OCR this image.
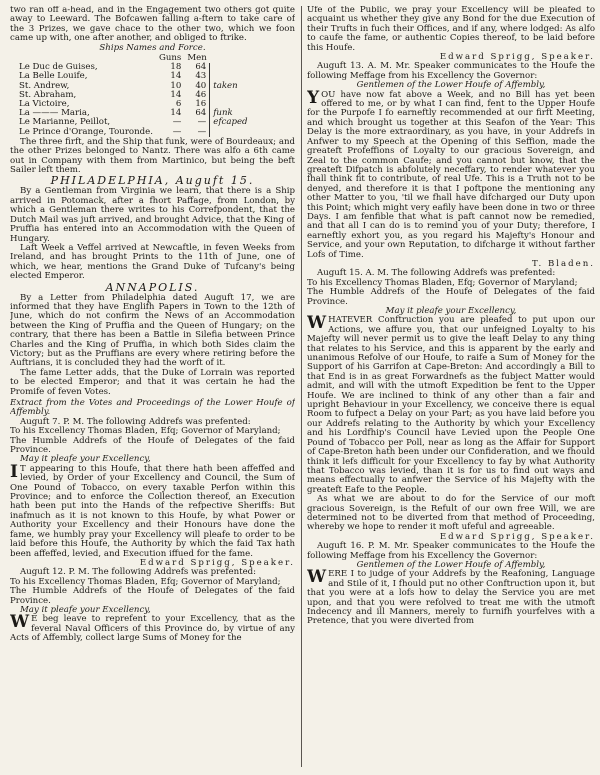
two ran off a-head, and in the Engagement two others got quite away to Leeward. The Bofcawen falling a-ftern to take care of the 3 Prizes, we gave chace to the other two, which we foon came up with, one after another, and obliged to ftrike.

Ships Names and Force.

	Guns	Men	
Le Duc de Guises,	18	64	
La Belle Louife,	14	43	
St. Andrew,	10	40	taken
St. Abraham,	14	46	
La Victoire,	6	16	
La ——— Maria,	14	64	funk
Le Marianne, Peillot,	—	—	efcaped
Le Prince d'Orange, Touronde.	—	—	

The three firft, and the Ship that funk, were of Bourdeaux; and the other Prizes belonged to Nantz. There was alfo a 6th came out in Company with them from Martinico, but being the beft Sailer left them.

PHILADELPHIA, Auguft 15.

By a Gentleman from Virginia we learn, that there is a Ship arrived in Potomack, after a fhort Paffage, from London, by which a Gentleman there writes to his Correfpondent, that the Dutch Mail was juft arrived, and brought Advice, that the King of Pruffia has entered into an Accommodation with the Queen of Hungary.

Laft Week a Veffel arrived at Newcaftle, in feven Weeks from Ireland, and has brought Prints to the 11th of June, one of which, we hear, mentions the Grand Duke of Tufcany's being elected Emperor.

ANNAPOLIS.

By a Letter from Philadelphia dated Auguft 17, we are informed that they have Englifh Papers in Town to the 12th of June, which do not confirm the News of an Accommodation between the King of Pruffia and the Queen of Hungary; on the contrary, that there has been a Battle in Silefia between Prince Charles and the King of Pruffia, in which both Sides claim the Victory; but as the Pruffians are every where retiring before the Auftrians, it is concluded they had the worft of it.

The fame Letter adds, that the Duke of Lorrain was reported to be elected Emperor; and that it was certain he had the Promife of feven Votes.

Extract from the Votes and Proceedings of the Lower Houfe of Affembly.

Auguft 7. P. M. The following Addrefs was prefented:

To his Excellency Thomas Bladen, Efq; Governor of Maryland;

The Humble Addrefs of the Houfe of Delegates of the faid Province.

May it pleafe your Excellency,

I T appearing to this Houfe, that there hath been affeffed and levied, by Order of your Excellency and Council, the Sum of One Pound of Tobacco, on every taxable Perfon within this Province; and to enforce the Collection thereof, an Execution hath been put into the Hands of the refpective Sheriffs: But inafmuch as it is not known to this Houfe, by what Power or Authority your Excellency and their Honours have done the fame, we humbly pray your Excellency will pleafe to order to be laid before this Houfe, the Authority by which the faid Tax hath been affeffed, levied, and Execution iffued for the fame.

Edward Sprigg, Speaker.

Auguft 12. P. M. The following Addrefs was prefented:

To his Excellency Thomas Bladen, Efq; Governor of Maryland;

The Humble Addrefs of the Houfe of Delegates of the faid Province.

May it pleafe your Excellency,

W E beg leave to reprefent to your Excellency, that as the feveral Naval Officers of this Province do, by virtue of any Acts of Affembly, collect large Sums of Money for the

Ufe of the Public, we pray your Excellency will be pleafed to acquaint us whether they give any Bond for the due Execution of their Trufts in fuch their Offices, and if any, where lodged: As alfo to caufe the fame, or authentic Copies thereof, to be laid before this Houfe.

Edward Sprigg, Speaker.

Auguft 13. A. M. Mr. Speaker communicates to the Houfe the following Meffage from his Excellency the Governor:

Gentlemen of the Lower Houfe of Affembly,

YOU have now fat above a Week, and no Bill has yet been offered to me, or by what I can find, fent to the Upper Houfe for the Purpofe I fo earneftly recommended at our firft Meeting, and which brought us together at this Seafon of the Year: This Delay is the more extraordinary, as you have, in your Addrefs in Anfwer to my Speech at the Opening of this Seffion, made the greateft Profeffions of Loyalty to our gracious Sovereign, and Zeal to the common Caufe; and you cannot but know, that the greateft Difpatch is abfolutely neceffary, to render whatever you fhall think fit to contribute, of real Ufe. This is a Truth not to be denyed, and therefore it is that I poftpone the mentioning any other Matter to you, 'til we fhall have difcharged our Duty upon this Point; which might very eafily have been done in two or three Days. I am fenfible that what is paft cannot now be remedied, and that all I can do is to remind you of your Duty; therefore, I earneftly exhort you, as you regard his Majefty's Honour and Service, and your own Reputation, to difcharge it without farther Lofs of Time.

T. Bladen.

Auguft 15. A. M. The following Addrefs was prefented:

To his Excellency Thomas Bladen, Efq; Governor of Maryland;

The Humble Addrefs of the Houfe of Delegates of the faid Province.

May it pleafe your Excellency,

WHATEVER Conftruction you are pleafed to put upon our Actions, we affure you, that our unfeigned Loyalty to his Majefty will never permit us to give the leaft Delay to any thing that relates to his Service, and this is apparent by the early and unanimous Refolve of our Houfe, to raife a Sum of Money for the Support of his Garrifon at Cape-Breton: And accordingly a Bill to that End is in as great Forwardnefs as the fubject Matter would admit, and will with the utmoft Expedition be fent to the Upper Houfe. We are inclined to think of any other than a fair and upright Behaviour in your Excellency, we conceive there is equal Room to fufpect a Delay on your Part; as you have laid before you our Addrefs relating to the Authority by which your Excellency and his Lordfhip's Council have Levied upon the People One Pound of Tobacco per Poll, near as long as the Affair for Support of Cape-Breton hath been under our Confideration, and we fhould think it lefs difficult for your Excellency to fay by what Authority that Tobacco was levied, than it is for us to find out ways and means effectually to anfwer the Service of his Majefty with the greateft Eafe to the People.

As what we are about to do for the Service of our moft gracious Sovereign, is the Refult of our own free Will, we are determined not to be diverted from that method of Proceeding, whereby we hope to render it moft ufeful and agreeable.

Edward Sprigg, Speaker.

Auguft 16. P. M. Mr. Speaker communicates to the Houfe the following Meffage from his Excellency the Governor:

Gentlemen of the Lower Houfe of Affembly,

WERE I to judge of your Addrefs by the Reafoning, Language and Stile of it, I fhould put no other Conftruction upon it, but that you were at a lofs how to delay the Service you are met upon, and that you were refolved to treat me with the utmoft Indecency and ill Manners, merely to furnifh yourfelves with a Pretence, that you were diverted from
